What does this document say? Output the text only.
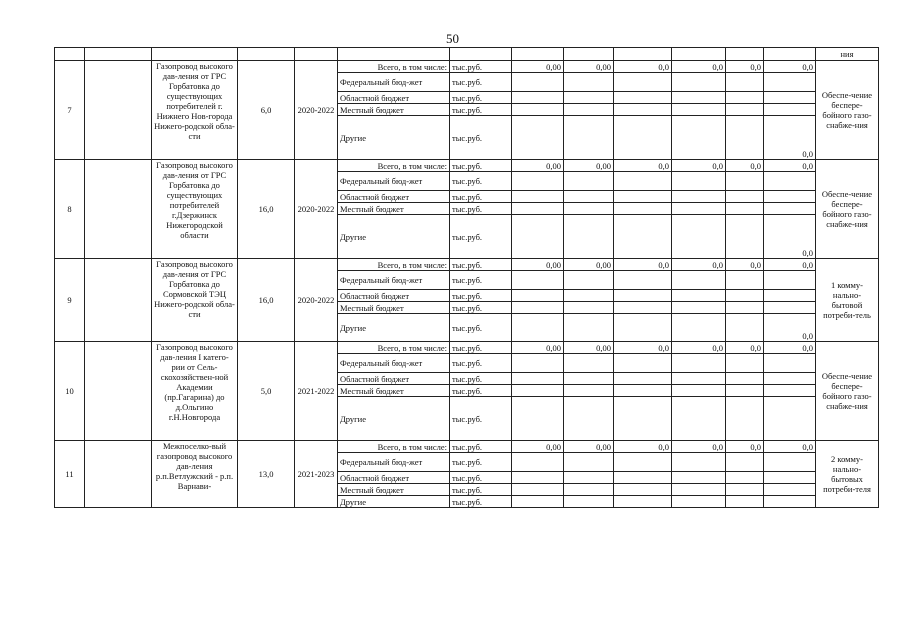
50
													ния
7		Газопровод высокого дав-ления от ГРС Горбатовка до существующих потребителей г. Нижнего Нов-города Нижего-родской обла-сти	6,0	2020-2022	Всего, в том числе:	тыс.руб.	0,00	0,00	0,0	0,0	0,0	0,0	Обеспе-чение беспере-бойного газо-снабже-ния
					Федеральный бюд-жет	тыс.руб.							
					Областной бюджет	тыс.руб.							
					Местный бюджет	тыс.руб.							
					Другие	тыс.руб.						0,0	
8		Газопровод высокого дав-ления от ГРС Горбатовка до существующих потребителей г.Дзержинск Нижегородской области	16,0	2020-2022	Всего, в том числе:	тыс.руб.	0,00	0,00	0,0	0,0	0,0	0,0	Обеспе-чение беспере-бойного газо-снабже-ния
					Федеральный бюд-жет	тыс.руб.							
					Областной бюджет	тыс.руб.							
					Местный бюджет	тыс.руб.							
					Другие	тыс.руб.						0,0	
9		Газопровод высокого дав-ления от ГРС Горбатовка до Сормовской ТЭЦ Нижего-родской обла-сти	16,0	2020-2022	Всего, в том числе:	тыс.руб.	0,00	0,00	0,0	0,0	0,0	0,0	1 комму-нально-бытовой потреби-тель
					Федеральный бюд-жет	тыс.руб.							
					Областной бюджет	тыс.руб.							
					Местный бюджет	тыс.руб.							
					Другие	тыс.руб.						0,0	
10		Газопровод высокого дав-ления I катего-рии от Сель-скохозяйствен-ной Академии (пр.Гагарина) до д.Ольгино г.Н.Новгорода	5,0	2021-2022	Всего, в том числе:	тыс.руб.	0,00	0,00	0,0	0,0	0,0	0,0	Обеспе-чение беспере-бойного газо-снабже-ния
					Федеральный бюд-жет	тыс.руб.							
					Областной бюджет	тыс.руб.							
					Местный бюджет	тыс.руб.							
					Другие	тыс.руб.							
11		Межпоселко-вый газопровод высокого дав-ления р.п.Ветлужский - р.п. Варнави-	13,0	2021-2023	Всего, в том числе:	тыс.руб.	0,00	0,00	0,0	0,0	0,0	0,0	2 комму-нально-бытовых потреби-теля
					Федеральный бюд-жет	тыс.руб.							
					Областной бюджет	тыс.руб.							
					Местный бюджет	тыс.руб.							
					Другие	тыс.руб.							
